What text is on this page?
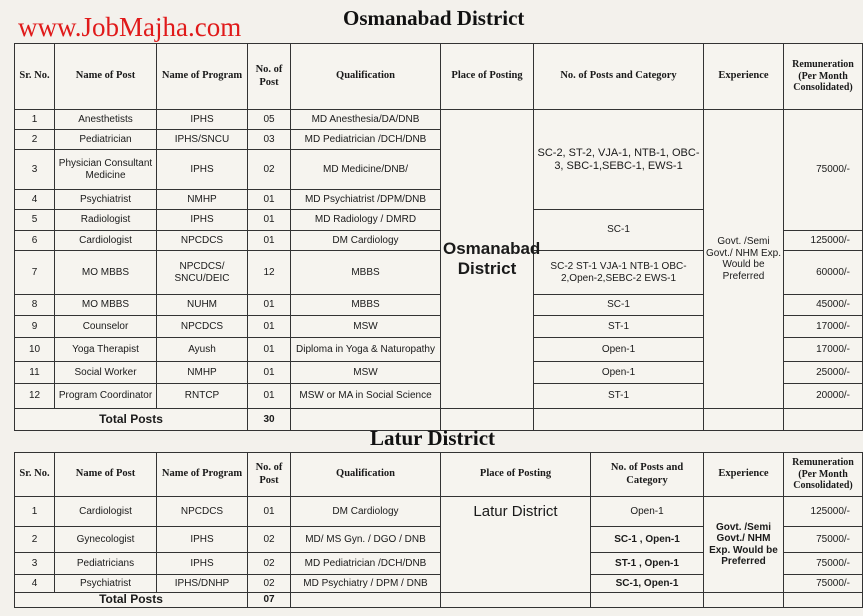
www.JobMajha.com	Osmanabad District
Sr. No.	Name of Post	Name of Program	No. of Post	Qualification	Place of Posting	No. of Posts and Category	Experience	Remuneration (Per Month Consolidated)
1	Anesthetists	IPHS	05	MD Anesthesia/DA/DNB	Osmanabad District	SC-2, ST-2, VJA-1, NTB-1, OBC-3, SBC-1,SEBC-1, EWS-1	Govt. /Semi Govt./ NHM Exp. Would be Preferred	75000/-
2	Pediatrician	IPHS/SNCU	03	MD Pediatrician /DCH/DNB				
3	Physician Consultant Medicine	IPHS	02	MD Medicine/DNB/				
4	Psychiatrist	NMHP	01	MD Psychiatrist /DPM/DNB				
5	Radiologist	IPHS	01	MD Radiology / DMRD		SC-1		
6	Cardiologist	NPCDCS	01	DM Cardiology				125000/-
7	MO MBBS	NPCDCS/ SNCU/DEIC	12	MBBS		SC-2 ST-1 VJA-1 NTB-1 OBC-2,Open-2,SEBC-2 EWS-1		60000/-
8	MO MBBS	NUHM	01	MBBS		SC-1		45000/-
9	Counselor	NPCDCS	01	MSW		ST-1		17000/-
10	Yoga Therapist	Ayush	01	Diploma in Yoga & Naturopathy		Open-1		17000/-
11	Social Worker	NMHP	01	MSW		Open-1		25000/-
12	Program Coordinator	RNTCP	01	MSW or MA in Social Science		ST-1		20000/-
Total Posts			30					
Latur District
Sr. No.	Name of Post	Name of Program	No. of Post	Qualification	Place of Posting	No. of Posts and Category	Experience	Remuneration (Per Month Consolidated)
1	Cardiologist	NPCDCS	01	DM Cardiology	Latur District	Open-1	Govt. /Semi Govt./ NHM Exp. Would be Preferred	125000/-
2	Gynecologist	IPHS	02	MD/ MS Gyn. / DGO / DNB		SC-1 , Open-1		75000/-
3	Pediatricians	IPHS	02	MD Pediatrician /DCH/DNB		ST-1 , Open-1		75000/-
4	Psychiatrist	IPHS/DNHP	02	MD Psychiatry / DPM / DNB		SC-1, Open-1		75000/-
Total Posts			07					
